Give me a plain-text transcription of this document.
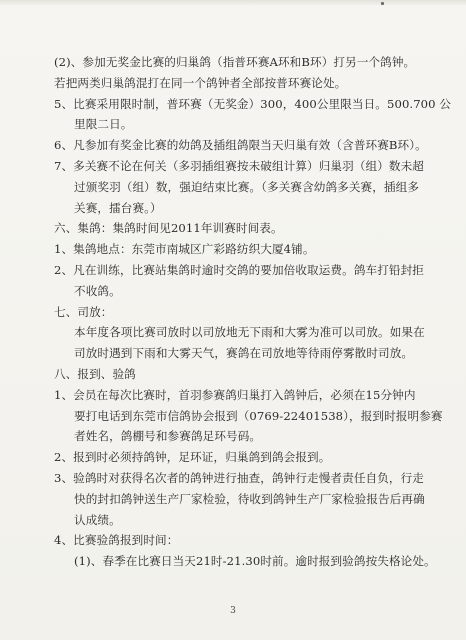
(2)、参加无奖金比赛的归巢鸽（指普环赛A环和B环）打另一个鸽钟。
若把两类归巢鸽混打在同一个鸽钟者全部按普环赛论处。
5、比赛采用限时制，普环赛（无奖金）300，400公里限当日。500.700 公
里限二日。
6、凡参加有奖金比赛的幼鸽及插组鸽限当天归巢有效（含普环赛B环）。
7、多关赛不论在何关（多羽插组赛按未破组计算）归巢羽（组）数未超
过颁奖羽（组）数，强迫结束比赛。（多关赛含幼鸽多关赛，插组多
关赛，擂台赛。）
六、集鸽：集鸽时间见2011年训赛时间表。
1、集鸽地点：东莞市南城区广彩路纺织大厦4铺。
2、凡在训练，比赛站集鸽时逾时交鸽的要加倍收取运费。鸽车打铅封拒
不收鸽。
七、司放：
本年度各项比赛司放时以司放地无下雨和大雾为准可以司放。如果在
司放时遇到下雨和大雾天气，赛鸽在司放地等待雨停雾散时司放。
八、报到、验鸽
1、会员在每次比赛时，首羽参赛鸽归巢打入鸽钟后，必须在15分钟内
要打电话到东莞市信鸽协会报到（0769-22401538），报到时报明参赛
者姓名，鸽棚号和参赛鸽足环号码。
2、报到时必须持鸽钟，足环证，归巢鸽到鸽会报到。
3、验鸽时对获得名次者的鸽钟进行抽查，鸽钟行走慢者责任自负，行走
快的封扣鸽钟送生产厂家检验，待收到鸽钟生产厂家检验报告后再确
认成绩。
4、比赛验鸽报到时间：
(1)、春季在比赛日当天21时-21.30时前。逾时报到验鸽按失格论处。
3
